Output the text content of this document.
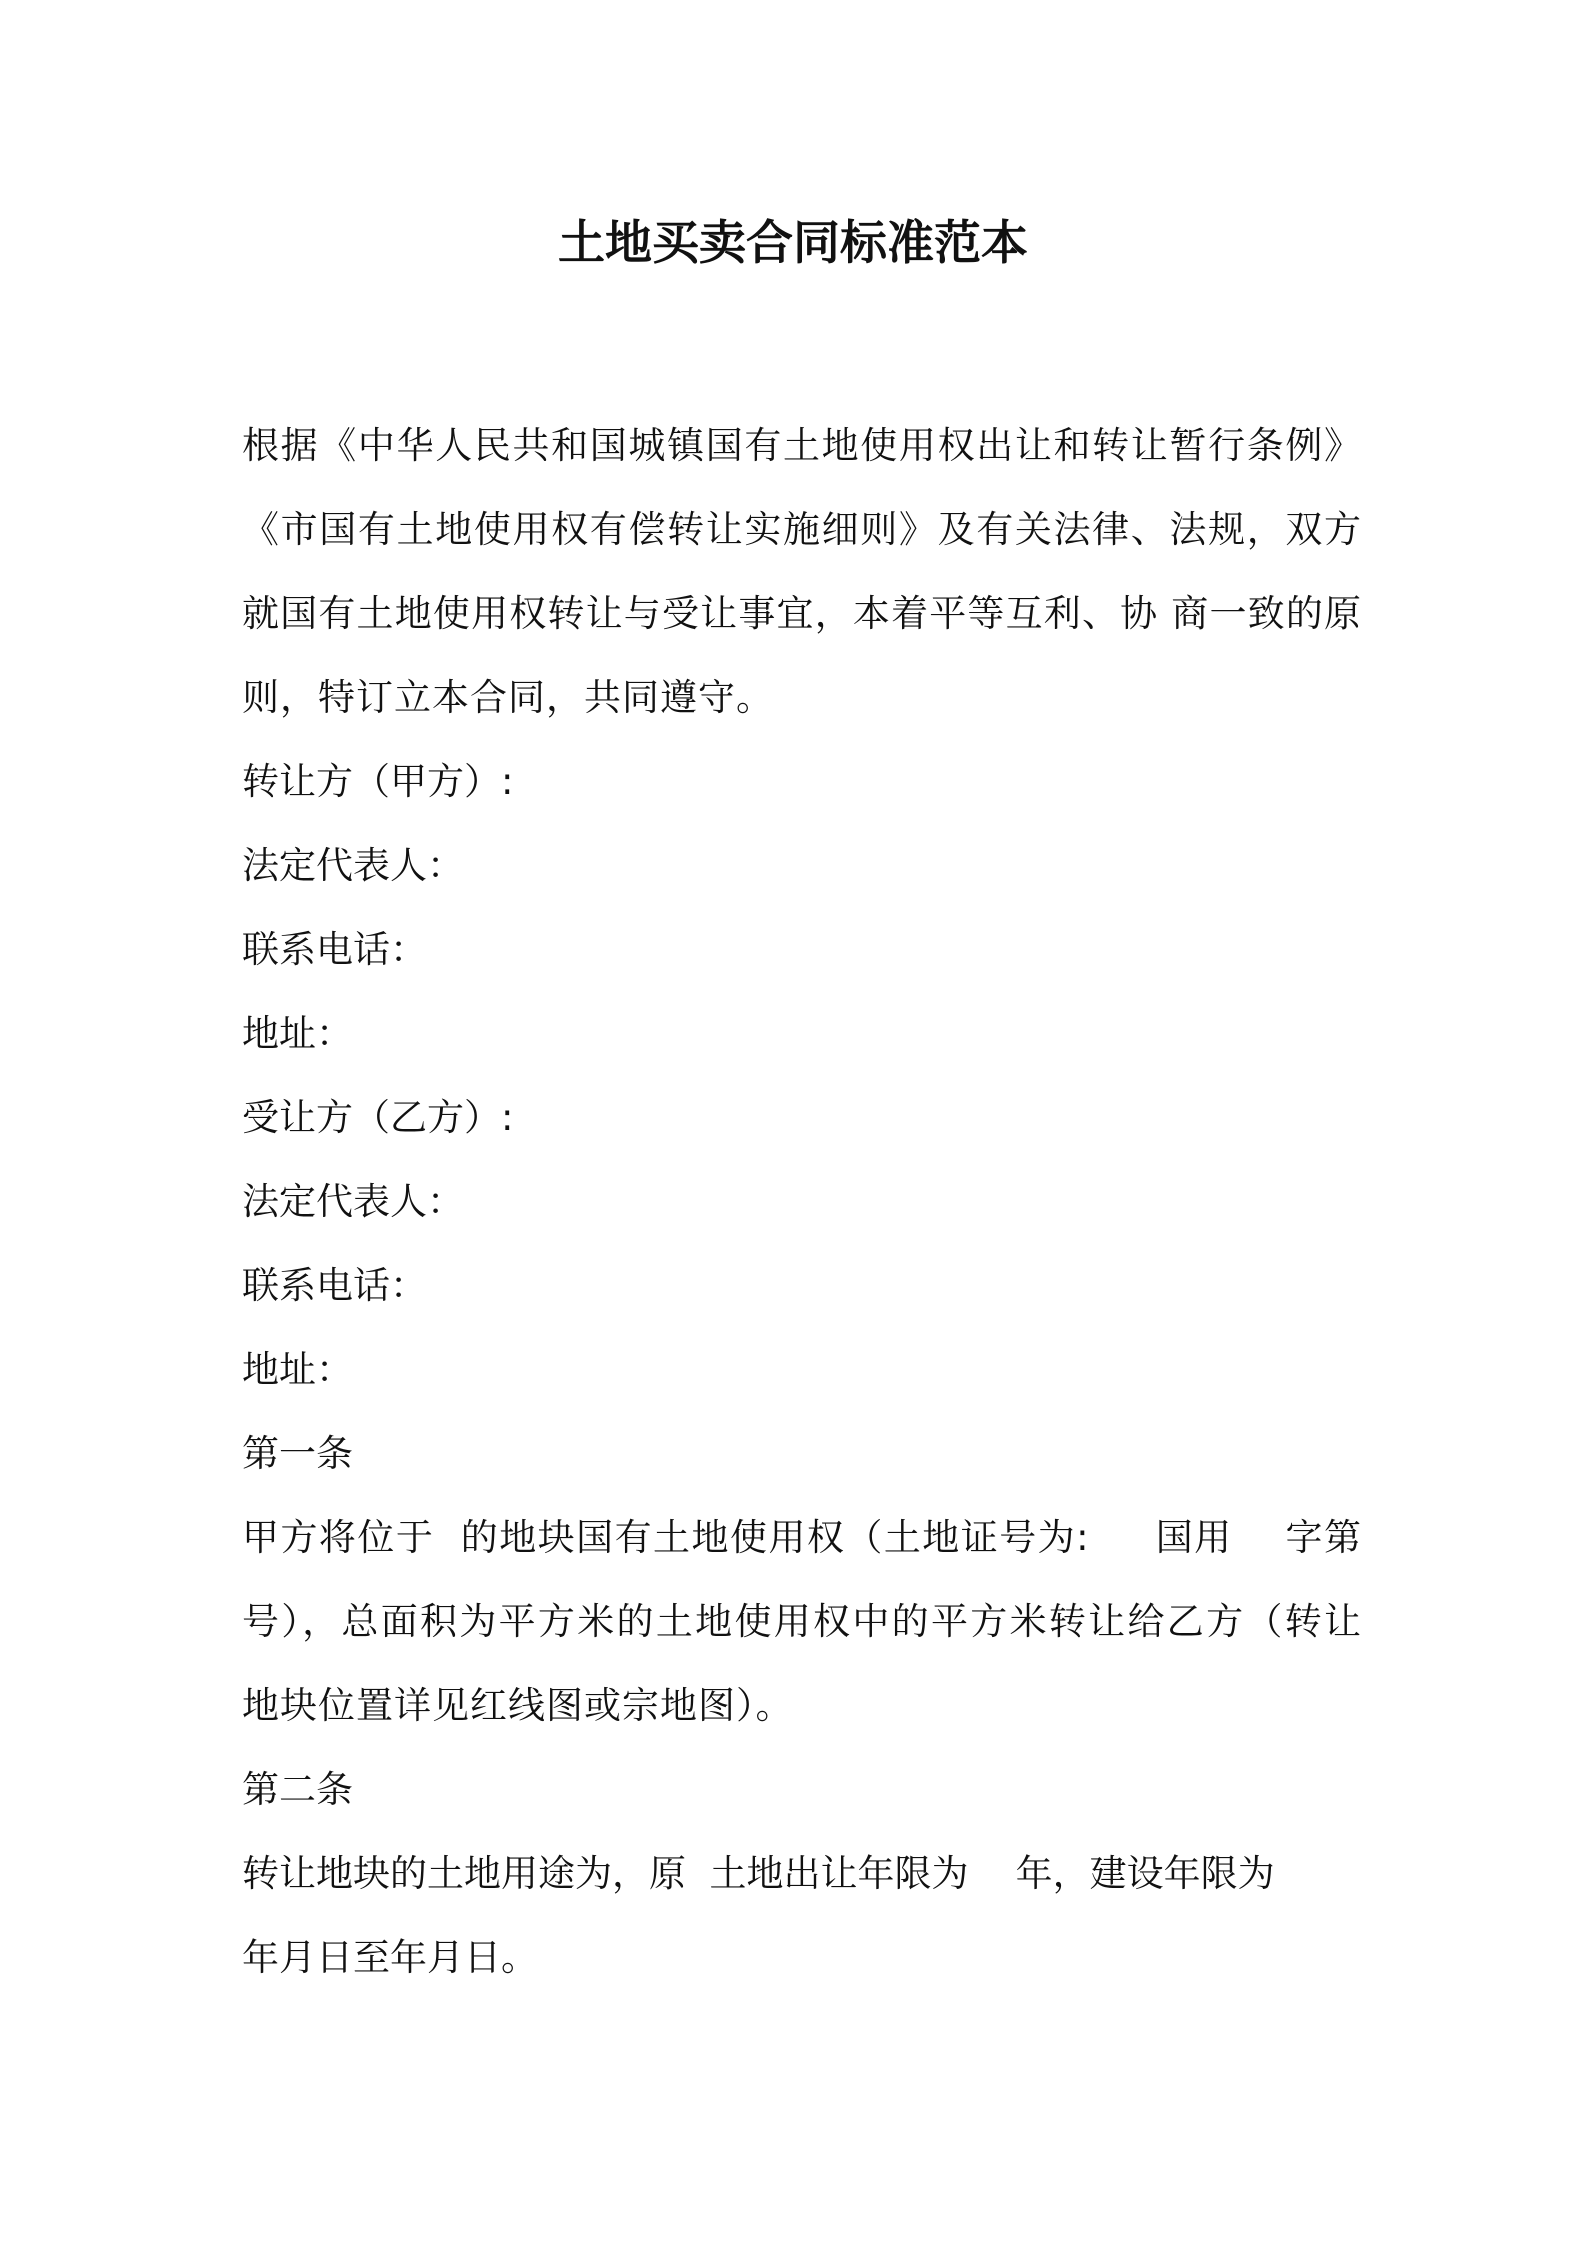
土地买卖合同标准范本

根据《中华人民共和国城镇国有土地使用权出让和转让暂行条例》《市国有土地使用权有偿转让实施细则》及有关法律、法规，双方就国有土地使用权转让与受让事宜，本着平等互利、协 商一致的原 则，特订立本合同，共同遵守。

转让方（甲方）:

法定代表人：

联系电话：

地址：

受让方（乙方）:

法定代表人：

联系电话：

地址：

第一条

甲方将位于  的地块国有土地使用权（土地证号为:     国用    字第号），总面积为平方米的土地使用权中的平方米转让给乙方（转让地块位置详见红线图或宗地图）。

第二条

转让地块的土地用途为，原  土地出让年限为    年，建设年限为

年月日至年月日。
